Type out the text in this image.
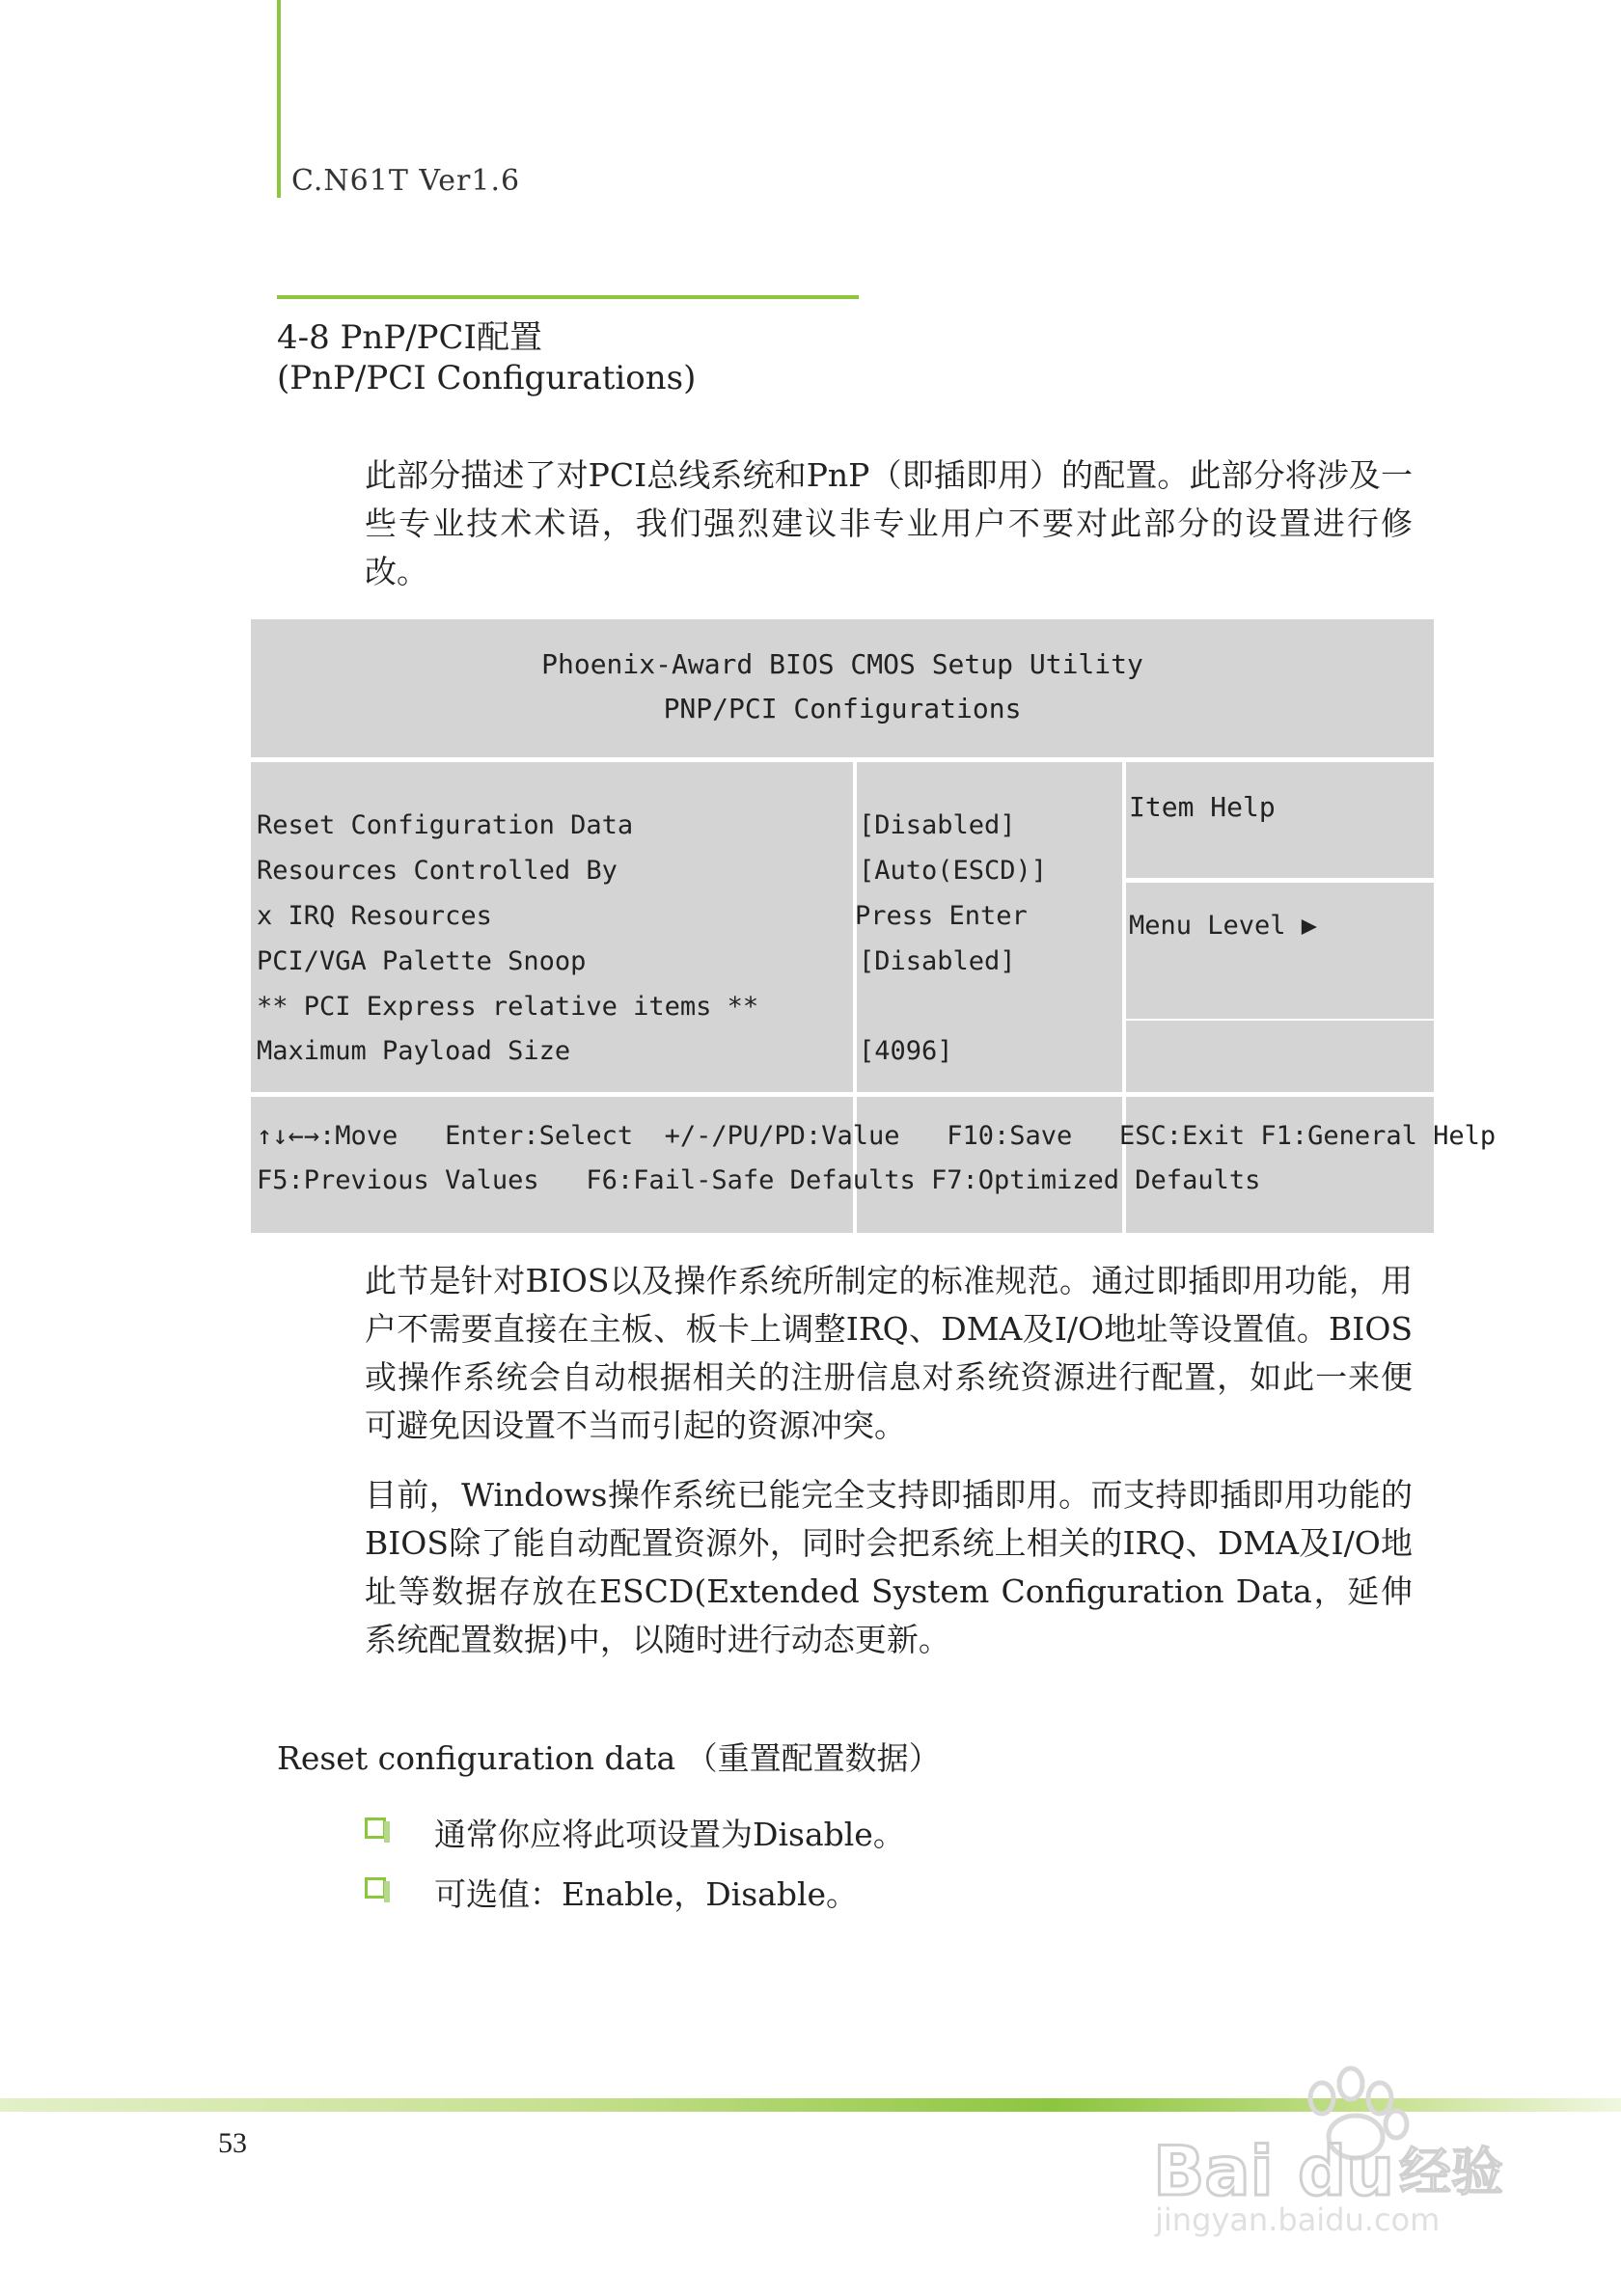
C.N61T Ver1.6
4-8 PnP/PCI配置
(PnP/PCI Configurations)
此部分描述了对PCI总线系统和PnP（即插即用）的配置。此部分将涉及一些专业技术术语，我们强烈建议非专业用户不要对此部分的设置进行修改。
Phoenix-Award BIOS CMOS Setup Utility
PNP/PCI Configurations
Reset Configuration Data	[Disabled]
Resources Controlled By	[Auto(ESCD)]
x IRQ Resources	Press Enter
PCI/VGA Palette Snoop	[Disabled]
** PCI Express relative items **
Maximum Payload Size	[4096]
Item Help
Menu Level ▶
↑↓←→:Move   Enter:Select  +/-/PU/PD:Value   F10:Save   ESC:Exit F1:General Help
F5:Previous Values   F6:Fail-Safe Defaults F7:Optimized Defaults
此节是针对BIOS以及操作系统所制定的标准规范。通过即插即用功能，用户不需要直接在主板、板卡上调整IRQ、DMA及I/O地址等设置值。BIOS或操作系统会自动根据相关的注册信息对系统资源进行配置，如此一来便可避免因设置不当而引起的资源冲突。
目前，Windows操作系统已能完全支持即插即用。而支持即插即用功能的BIOS除了能自动配置资源外，同时会把系统上相关的IRQ、DMA及I/O地址等数据存放在ESCD(Extended System Configuration Data，延伸系统配置数据)中，以随时进行动态更新。
Reset configuration data （重置配置数据）
通常你应将此项设置为Disable。
可选值：Enable，Disable。
53	Bai du 经验
jingyan.baidu.com
